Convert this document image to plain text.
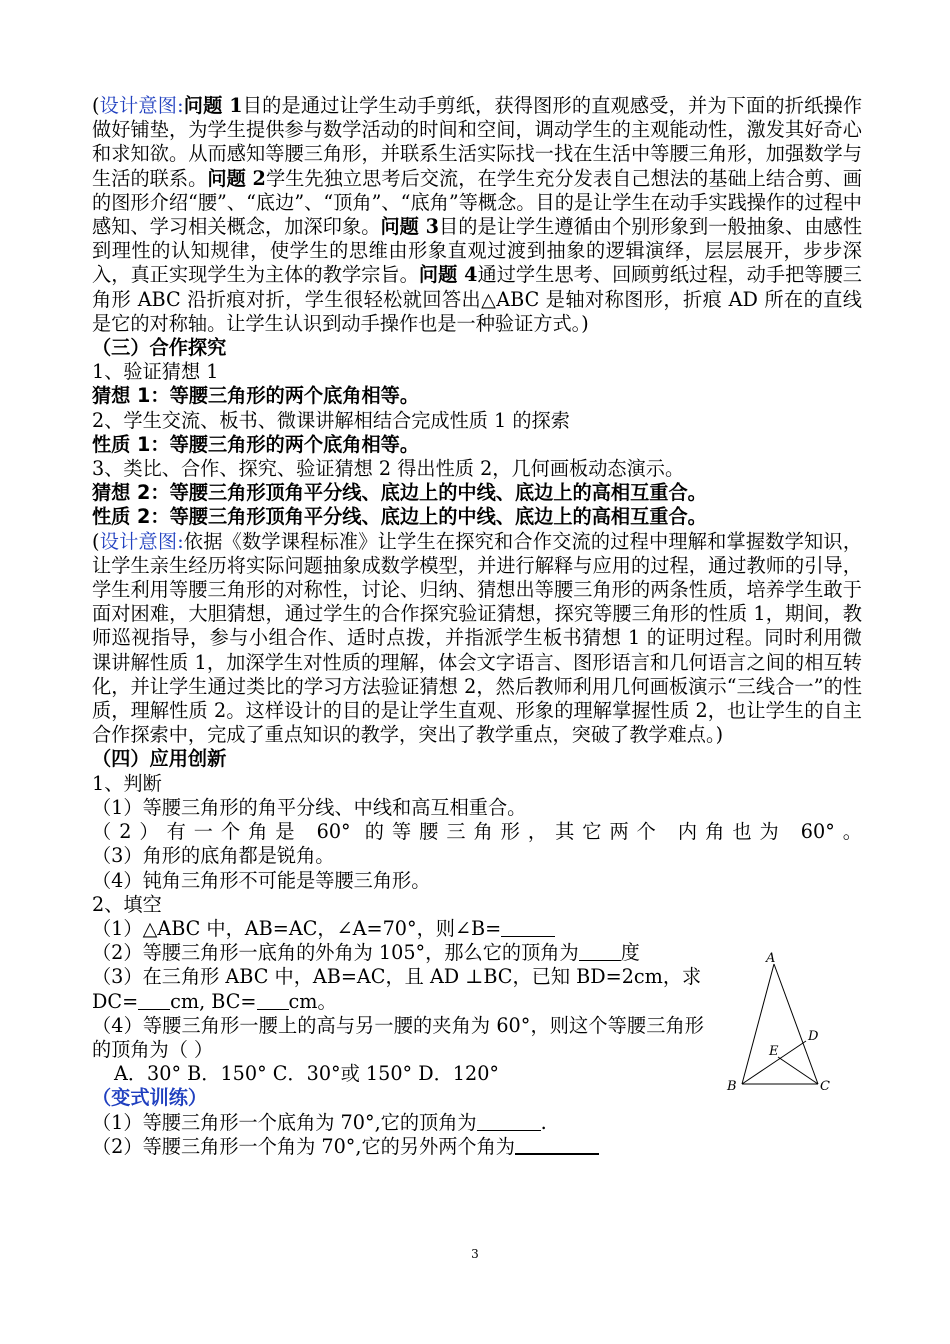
(设计意图:问题 1目的是通过让学生动手剪纸，获得图形的直观感受，并为下面的折纸操作做好铺垫，为学生提供参与数学活动的时间和空间，调动学生的主观能动性，激发其好奇心和求知欲。从而感知等腰三角形，并联系生活实际找一找在生活中等腰三角形，加强数学与生活的联系。问题 2学生先独立思考后交流，在学生充分发表自己想法的基础上结合剪、画的图形介绍“腰”、“底边”、“顶角”、“底角”等概念。目的是让学生在动手实践操作的过程中感知、学习相关概念，加深印象。问题 3目的是让学生遵循由个别形象到一般抽象、由感性到理性的认知规律，使学生的思维由形象直观过渡到抽象的逻辑演绎，层层展开，步步深入，真正实现学生为主体的教学宗旨。问题 4通过学生思考、回顾剪纸过程，动手把等腰三角形 ABC 沿折痕对折，学生很轻松就回答出△ABC 是轴对称图形，折痕 AD 所在的直线是它的对称轴。让学生认识到动手操作也是一种验证方式。)

（三）合作探究

1、验证猜想 1

猜想 1：等腰三角形的两个底角相等。

2、学生交流、板书、微课讲解相结合完成性质 1 的探索

性质 1：等腰三角形的两个底角相等。

3、类比、合作、探究、验证猜想 2 得出性质 2，几何画板动态演示。

猜想 2：等腰三角形顶角平分线、底边上的中线、底边上的高相互重合。

性质 2：等腰三角形顶角平分线、底边上的中线、底边上的高相互重合。

(设计意图:依据《数学课程标准》让学生在探究和合作交流的过程中理解和掌握数学知识，让学生亲生经历将实际问题抽象成数学模型，并进行解释与应用的过程，通过教师的引导，学生利用等腰三角形的对称性，讨论、归纳、猜想出等腰三角形的两条性质，培养学生敢于面对困难，大胆猜想，通过学生的合作探究验证猜想，探究等腰三角形的性质 1，期间，教师巡视指导，参与小组合作、适时点拨，并指派学生板书猜想 1 的证明过程。同时利用微课讲解性质 1，加深学生对性质的理解，体会文字语言、图形语言和几何语言之间的相互转化，并让学生通过类比的学习方法验证猜想 2，然后教师利用几何画板演示“三线合一”的性质，理解性质 2。这样设计的目的是让学生直观、形象的理解掌握性质 2，也让学生的自主合作探索中，完成了重点知识的教学，突出了教学重点，突破了教学难点。)

（四）应用创新

1、判断

（1）等腰三角形的角平分线、中线和高互相重合。

（2）有一个角是 60° 的等腰三角形，其它两个 内角也为 60°。

（3）角形的底角都是锐角。

（4）钝角三角形不可能是等腰三角形。

2、填空

（1）△ABC 中，AB=AC，∠A=70°，则∠B=

（2）等腰三角形一底角的外角为 105°，那么它的顶角为 度

（3）在三角形 ABC 中，AB=AC，且 AD ⊥BC，已知 BD=2cm，求
DC= cm, BC= cm。

（4）等腰三角形一腰上的高与另一腰的夹角为 60°，则这个等腰三角形的顶角为（ ）

A．30° B．150° C．30°或 150° D．120°

（变式训练）

（1）等腰三角形一个底角为 70°,它的顶角为	.

（2）等腰三角形一个角为 70°,它的另外两个角为

A
B	C
D
E
3
